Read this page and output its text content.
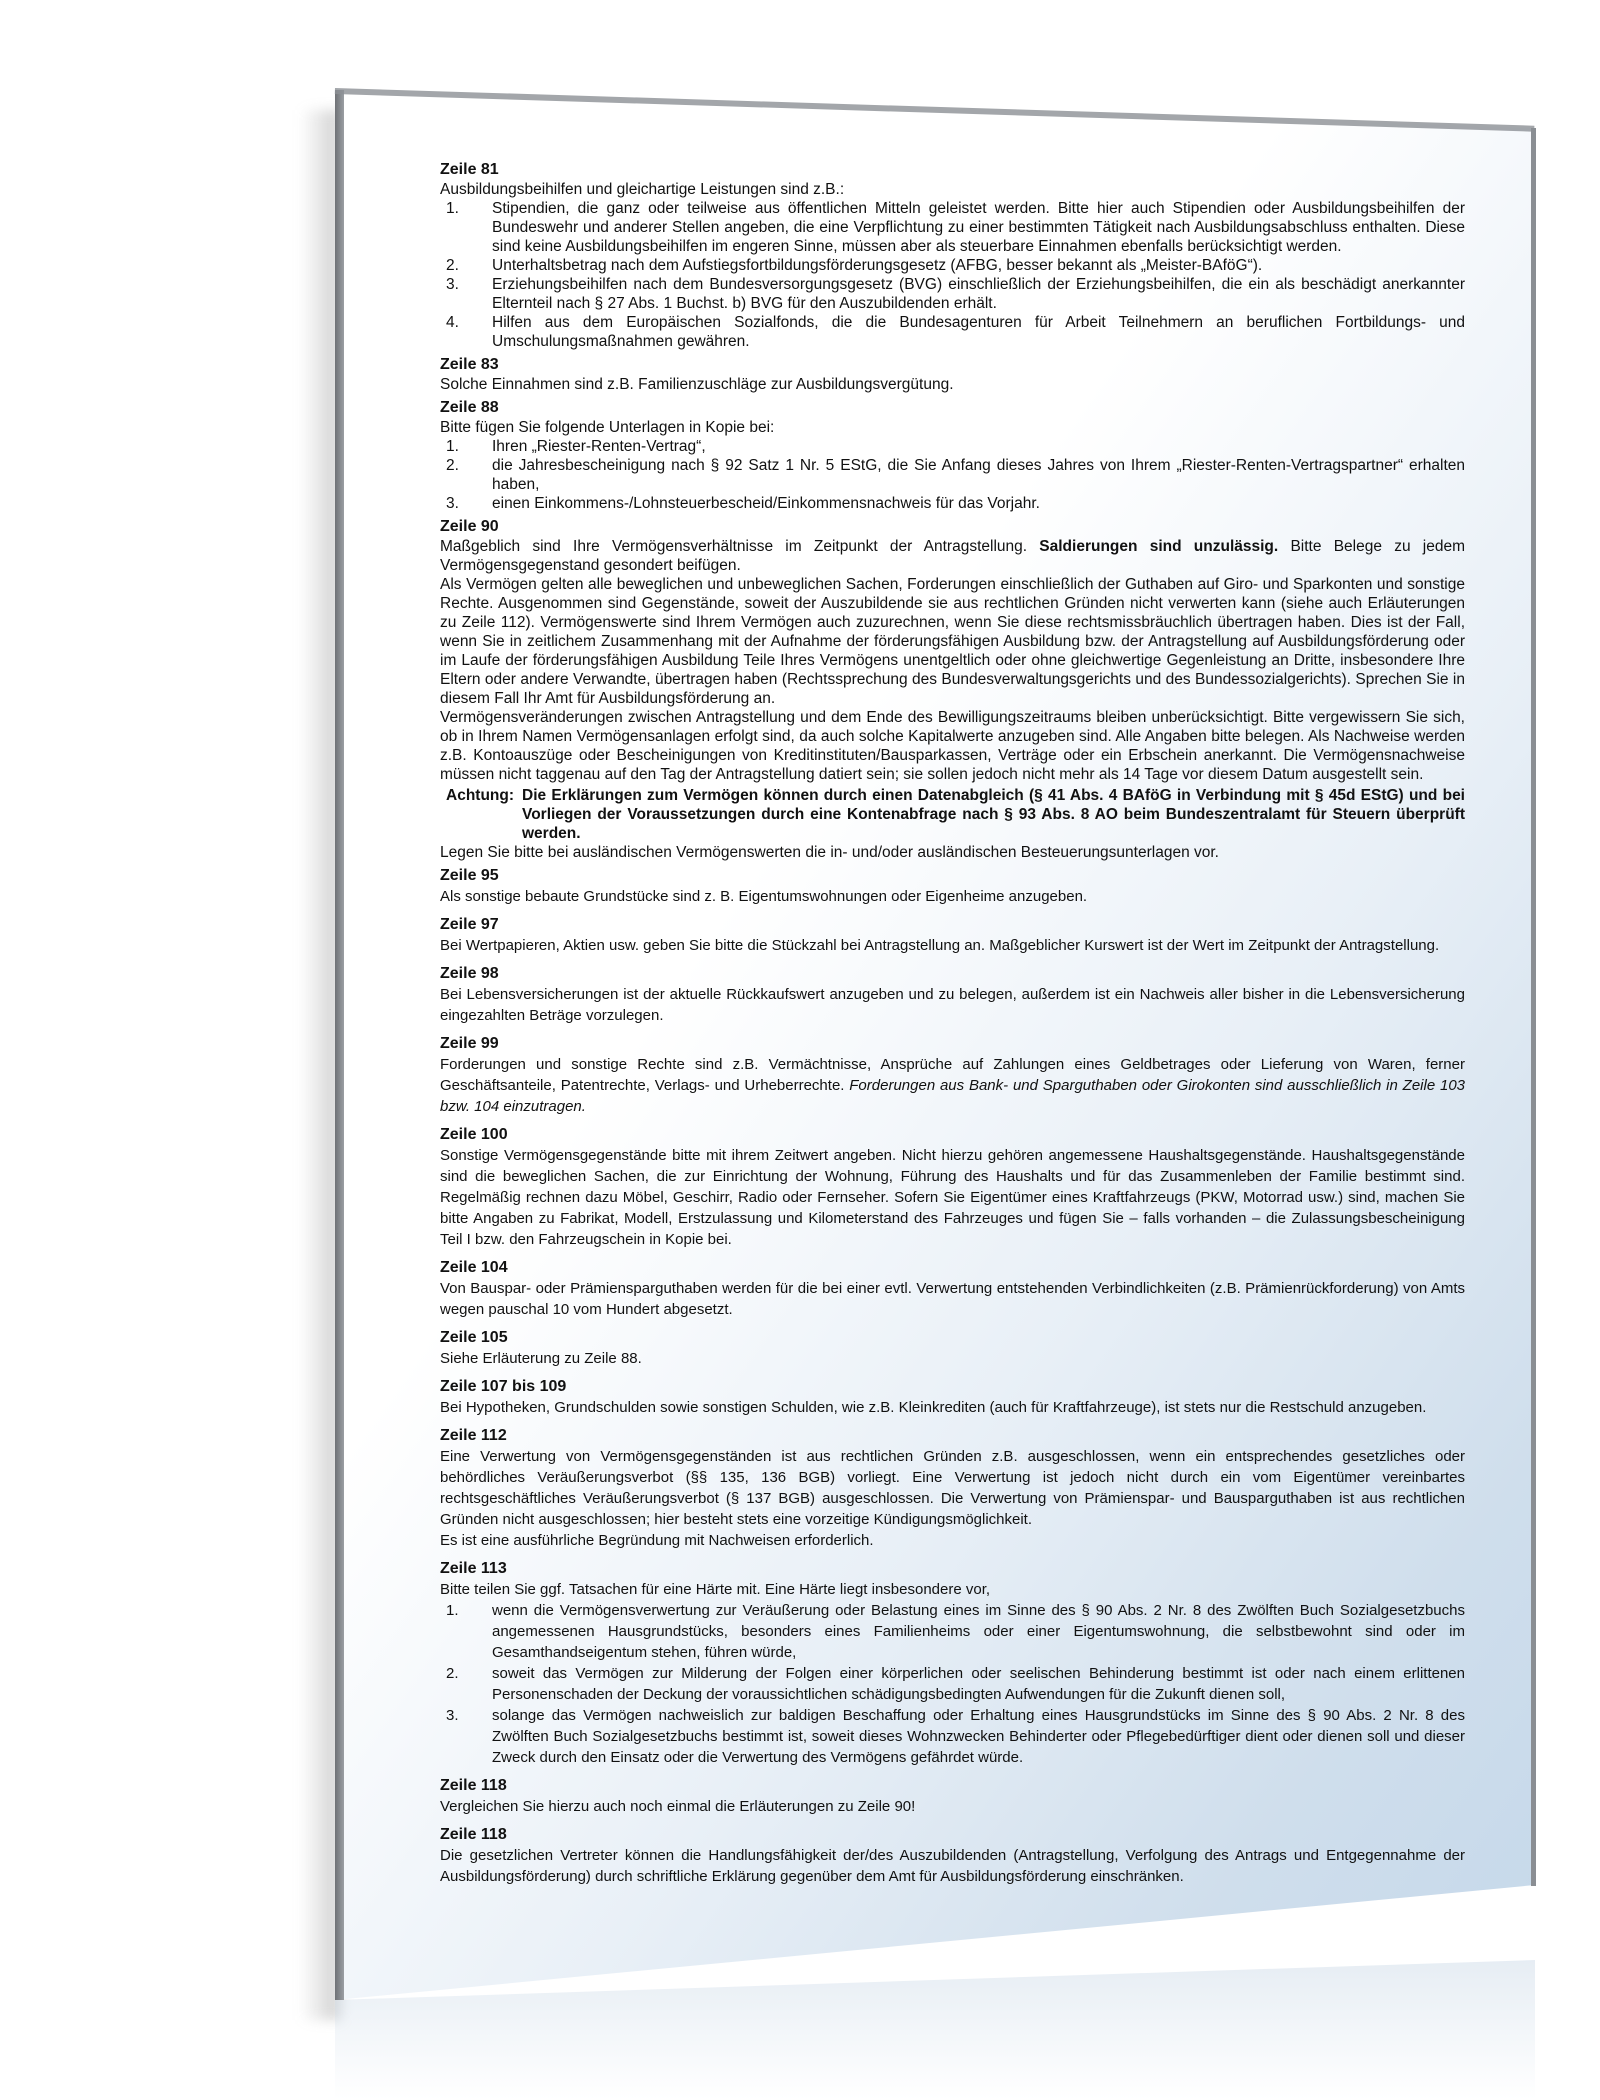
Zeile 81
Ausbildungsbeihilfen und gleichartige Leistungen sind z.B.:
1. Stipendien, die ganz oder teilweise aus öffentlichen Mitteln geleistet werden. Bitte hier auch Stipendien oder Ausbildungsbeihilfen der Bundeswehr und anderer Stellen angeben, die eine Verpflichtung zu einer bestimmten Tätigkeit nach Ausbildungsabschluss enthalten. Diese sind keine Ausbildungsbeihilfen im engeren Sinne, müssen aber als steuerbare Einnahmen ebenfalls berücksichtigt werden.
2. Unterhaltsbetrag nach dem Aufstiegsfortbildungsförderungsgesetz (AFBG, besser bekannt als „Meister-BAföG“).
3. Erziehungsbeihilfen nach dem Bundesversorgungsgesetz (BVG) einschließlich der Erziehungsbeihilfen, die ein als beschädigt anerkannter Elternteil nach § 27 Abs. 1 Buchst. b) BVG für den Auszubildenden erhält.
4. Hilfen aus dem Europäischen Sozialfonds, die die Bundesagenturen für Arbeit Teilnehmern an beruflichen Fortbildungs- und Umschulungsmaßnahmen gewähren.
Zeile 83
Solche Einnahmen sind z.B. Familienzuschläge zur Ausbildungsvergütung.
Zeile 88
Bitte fügen Sie folgende Unterlagen in Kopie bei:
1. Ihren „Riester-Renten-Vertrag“,
2. die Jahresbescheinigung nach § 92 Satz 1 Nr. 5 EStG, die Sie Anfang dieses Jahres von Ihrem „Riester-Renten-Vertragspartner“ erhalten haben,
3. einen Einkommens-/Lohnsteuerbescheid/Einkommensnachweis für das Vorjahr.
Zeile 90
Maßgeblich sind Ihre Vermögensverhältnisse im Zeitpunkt der Antragstellung. Saldierungen sind unzulässig. Bitte Belege zu jedem Vermögensgegenstand gesondert beifügen.
Als Vermögen gelten alle beweglichen und unbeweglichen Sachen, Forderungen einschließlich der Guthaben auf Giro- und Sparkonten und sonstige Rechte. Ausgenommen sind Gegenstände, soweit der Auszubildende sie aus rechtlichen Gründen nicht verwerten kann (siehe auch Erläuterungen zu Zeile 112). Vermögenswerte sind Ihrem Vermögen auch zuzurechnen, wenn Sie diese rechtsmissbräuchlich übertragen haben. Dies ist der Fall, wenn Sie in zeitlichem Zusammenhang mit der Aufnahme der förderungsfähigen Ausbildung bzw. der Antragstellung auf Ausbildungsförderung oder im Laufe der förderungsfähigen Ausbildung Teile Ihres Vermögens unentgeltlich oder ohne gleichwertige Gegenleistung an Dritte, insbesondere Ihre Eltern oder andere Verwandte, übertragen haben (Rechtssprechung des Bundesverwaltungsgerichts und des Bundessozialgerichts). Sprechen Sie in diesem Fall Ihr Amt für Ausbildungsförderung an.
Vermögensveränderungen zwischen Antragstellung und dem Ende des Bewilligungszeitraums bleiben unberücksichtigt. Bitte vergewissern Sie sich, ob in Ihrem Namen Vermögensanlagen erfolgt sind, da auch solche Kapitalwerte anzugeben sind. Alle Angaben bitte belegen. Als Nachweise werden z.B. Kontoauszüge oder Bescheinigungen von Kreditinstituten/Bausparkassen, Verträge oder ein Erbschein anerkannt. Die Vermögensnachweise müssen nicht taggenau auf den Tag der Antragstellung datiert sein; sie sollen jedoch nicht mehr als 14 Tage vor diesem Datum ausgestellt sein.
Achtung: Die Erklärungen zum Vermögen können durch einen Datenabgleich (§ 41 Abs. 4 BAföG in Verbindung mit § 45d EStG) und bei Vorliegen der Voraussetzungen durch eine Kontenabfrage nach § 93 Abs. 8 AO beim Bundeszentralamt für Steuern überprüft werden.
Legen Sie bitte bei ausländischen Vermögenswerten die in- und/oder ausländischen Besteuerungsunterlagen vor.
Zeile 95
Als sonstige bebaute Grundstücke sind z. B. Eigentumswohnungen oder Eigenheime anzugeben.
Zeile 97
Bei Wertpapieren, Aktien usw. geben Sie bitte die Stückzahl bei Antragstellung an. Maßgeblicher Kurswert ist der Wert im Zeitpunkt der Antragstellung.
Zeile 98
Bei Lebensversicherungen ist der aktuelle Rückkaufswert anzugeben und zu belegen, außerdem ist ein Nachweis aller bisher in die Lebensversicherung eingezahlten Beträge vorzulegen.
Zeile 99
Forderungen und sonstige Rechte sind z.B. Vermächtnisse, Ansprüche auf Zahlungen eines Geldbetrages oder Lieferung von Waren, ferner Geschäftsanteile, Patentrechte, Verlags- und Urheberrechte. Forderungen aus Bank- und Sparguthaben oder Girokonten sind ausschließlich in Zeile 103 bzw. 104 einzutragen.
Zeile 100
Sonstige Vermögensgegenstände bitte mit ihrem Zeitwert angeben. Nicht hierzu gehören angemessene Haushaltsgegenstände. Haushaltsgegenstände sind die beweglichen Sachen, die zur Einrichtung der Wohnung, Führung des Haushalts und für das Zusammenleben der Familie bestimmt sind. Regelmäßig rechnen dazu Möbel, Geschirr, Radio oder Fernseher. Sofern Sie Eigentümer eines Kraftfahrzeugs (PKW, Motorrad usw.) sind, machen Sie bitte Angaben zu Fabrikat, Modell, Erstzulassung und Kilometerstand des Fahrzeuges und fügen Sie – falls vorhanden – die Zulassungsbescheinigung Teil I bzw. den Fahrzeugschein in Kopie bei.
Zeile 104
Von Bauspar- oder Prämiensparguthaben werden für die bei einer evtl. Verwertung entstehenden Verbindlichkeiten (z.B. Prämienrückforderung) von Amts wegen pauschal 10 vom Hundert abgesetzt.
Zeile 105
Siehe Erläuterung zu Zeile 88.
Zeile 107 bis 109
Bei Hypotheken, Grundschulden sowie sonstigen Schulden, wie z.B. Kleinkrediten (auch für Kraftfahrzeuge), ist stets nur die Restschuld anzugeben.
Zeile 112
Eine Verwertung von Vermögensgegenständen ist aus rechtlichen Gründen z.B. ausgeschlossen, wenn ein entsprechendes gesetzliches oder behördliches Veräußerungsverbot (§§ 135, 136 BGB) vorliegt. Eine Verwertung ist jedoch nicht durch ein vom Eigentümer vereinbartes rechtsgeschäftliches Veräußerungsverbot (§ 137 BGB) ausgeschlossen. Die Verwertung von Prämienspar- und Bausparguthaben ist aus rechtlichen Gründen nicht ausgeschlossen; hier besteht stets eine vorzeitige Kündigungsmöglichkeit.
Es ist eine ausführliche Begründung mit Nachweisen erforderlich.
Zeile 113
Bitte teilen Sie ggf. Tatsachen für eine Härte mit. Eine Härte liegt insbesondere vor,
1. wenn die Vermögensverwertung zur Veräußerung oder Belastung eines im Sinne des § 90 Abs. 2 Nr. 8 des Zwölften Buch Sozialgesetzbuchs angemessenen Hausgrundstücks, besonders eines Familienheims oder einer Eigentumswohnung, die selbstbewohnt sind oder im Gesamthandseigentum stehen, führen würde,
2. soweit das Vermögen zur Milderung der Folgen einer körperlichen oder seelischen Behinderung bestimmt ist oder nach einem erlittenen Personenschaden der Deckung der voraussichtlichen schädigungsbedingten Aufwendungen für die Zukunft dienen soll,
3. solange das Vermögen nachweislich zur baldigen Beschaffung oder Erhaltung eines Hausgrundstücks im Sinne des § 90 Abs. 2 Nr. 8 des Zwölften Buch Sozialgesetzbuchs bestimmt ist, soweit dieses Wohnzwecken Behinderter oder Pflegebedürftiger dient oder dienen soll und dieser Zweck durch den Einsatz oder die Verwertung des Vermögens gefährdet würde.
Zeile 118
Vergleichen Sie hierzu auch noch einmal die Erläuterungen zu Zeile 90!
Zeile 118
Die gesetzlichen Vertreter können die Handlungsfähigkeit der/des Auszubildenden (Antragstellung, Verfolgung des Antrags und Entgegennahme der Ausbildungsförderung) durch schriftliche Erklärung gegenüber dem Amt für Ausbildungsförderung einschränken.
